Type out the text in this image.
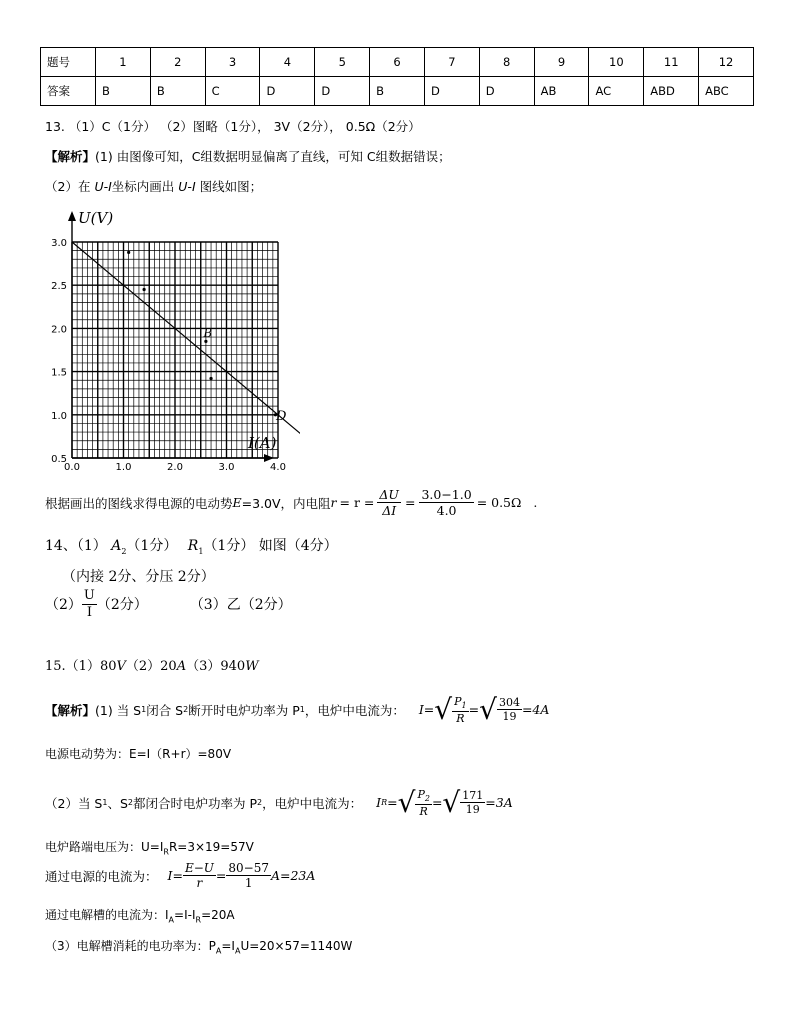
题号	1	2	3	4	5	6	7	8	9	10	11	12
答案	B	B	C	D	D	B	D	D	AB	AC	ABD	ABC
13. （1）C（1分） （2）图略（1分）， 3V（2分）， 0.5Ω（2分）
【解析】(1) 由图像可知，C组数据明显偏离了直线，可知 C组数据错误；
（2）在 U-I坐标内画出 U-I 图线如图；
U(V)
I(A)
0.0	1.0	2.0	3.0	4.0
3.0
2.5
2.0
1.5
1.0
0.5
B
D
根据画出的图线求得电源的电动势 E =3.0V，内电阻 $r = r = \frac{\Delta U}{\Delta I} = \frac{3.0-1.0}{4.0} = 0.5\Omega$ .
14、（1） $A_2(1$分） $R_1(1$分） 如图（4分）
（内接 2分、分压 2分）
$(2) \frac{U}{I} (2$分）	（3）乙（2分）
15.（1）80V（2）20A（3）940W
【解析】 (1) 当 S 1 闭合 S 2 断开时电炉功率为 P 1 ，电炉中电流为： I = √ $\frac{P_1}{R}$ = √ $\frac{304}{19} =4A$
电源电动势为：E=I（R+r）=80V
（2）当 S 1 、S 2 都闭合时电炉功率为 P 2 ，电炉中电流为： I R = √ $\frac{P_2}{R}$ = √ $\frac{171}{19} =3A$
电炉路端电压为：$U=I_RR=3\times 19=57V$
通过电源的电流为： $I = \frac{E-U}{r} = \frac{80-57}{1} A=23A$
通过电解槽的电流为：$I_A=I-I_R=20A$
（3）电解槽消耗的电功率为：$P_A=I_AU=20\times 57=1140W$
